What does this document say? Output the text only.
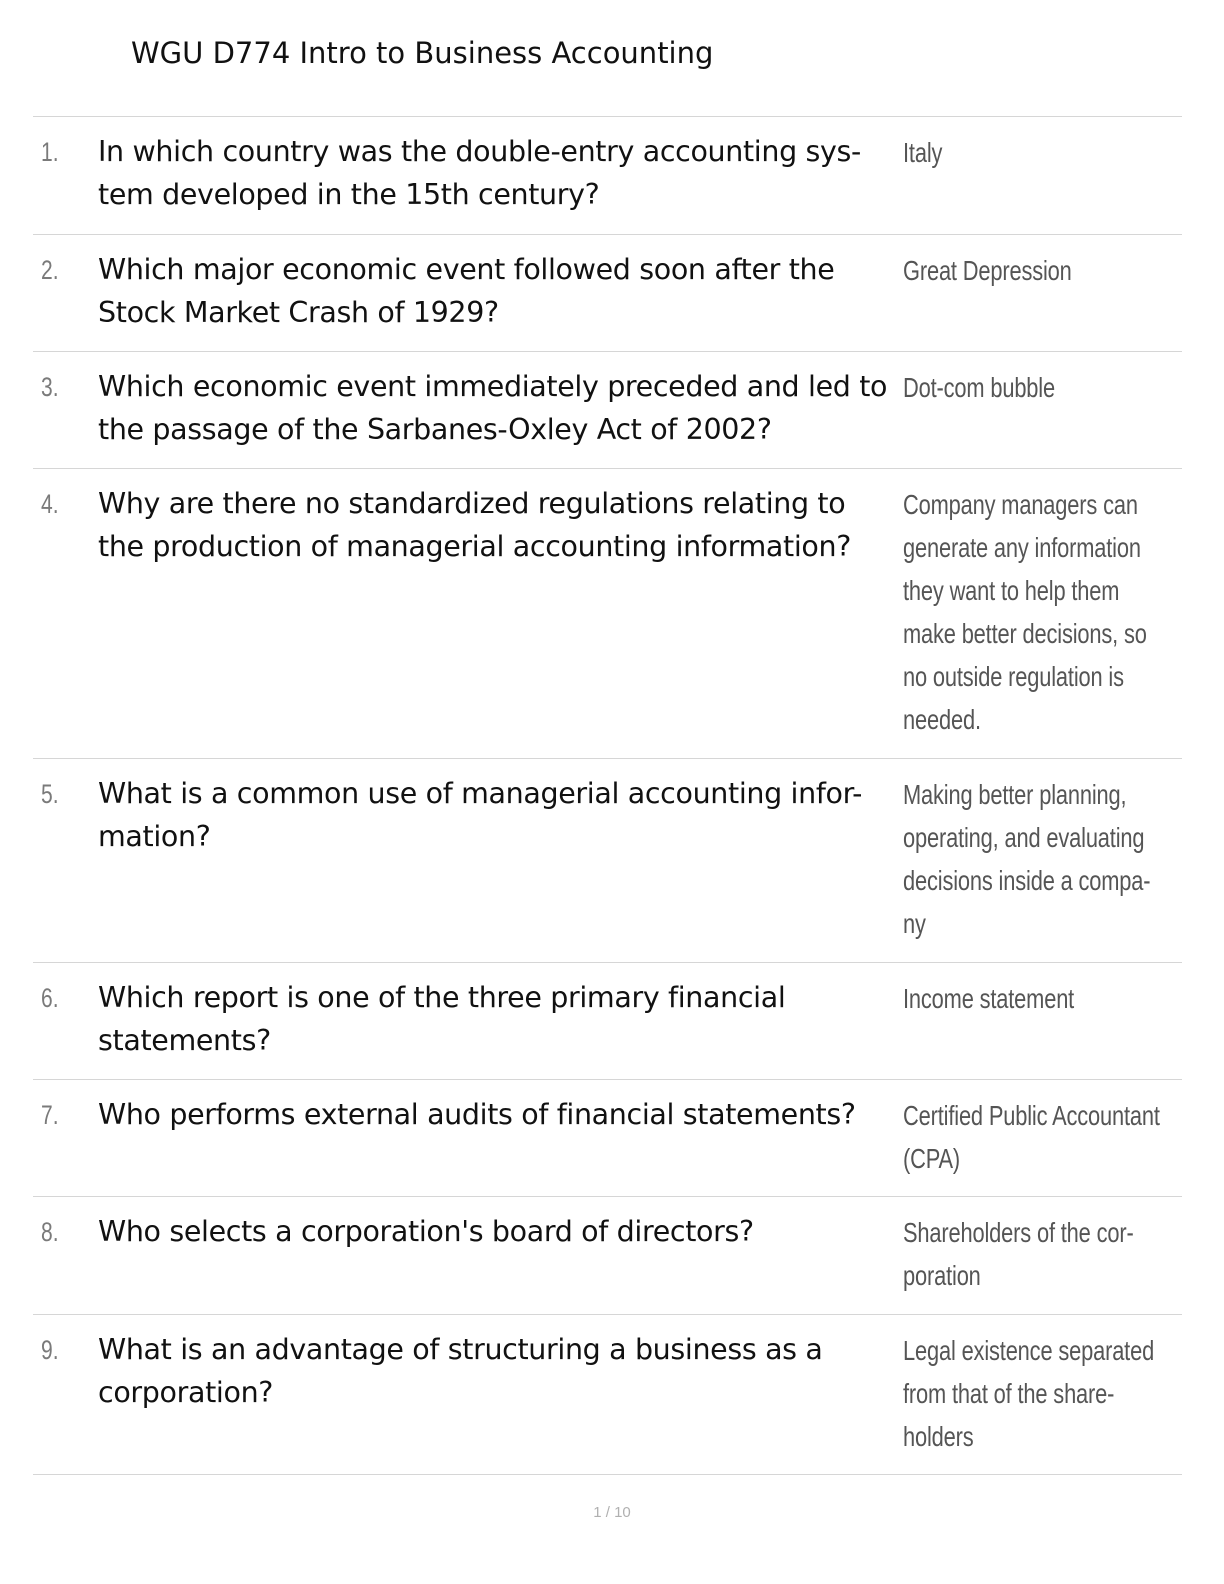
WGU D774 Intro to Business Accounting
1. In which country was the double-entry accounting sys-tem developed in the 15th century?
Italy
2. Which major economic event followed soon after the Stock Market Crash of 1929?
Great Depression
3. Which economic event immediately preceded and led to the passage of the Sarbanes-Oxley Act of 2002?
Dot-com bubble
4. Why are there no standardized regulations relating to the production of managerial accounting information?
Company managers can generate any information they want to help them make better decisions, so no outside regulation is needed.
5. What is a common use of managerial accounting infor-mation?
Making better planning, operating, and evaluating decisions inside a compa-ny
6. Which report is one of the three primary financial statements?
Income statement
7. Who performs external audits of financial statements?	Certified Public Accountant (CPA)
8. Who selects a corporation's board of directors?	Shareholders of the cor-poration
9. What is an advantage of structuring a business as a corporation?
Legal existence separated from that of the share-holders
1 / 10
